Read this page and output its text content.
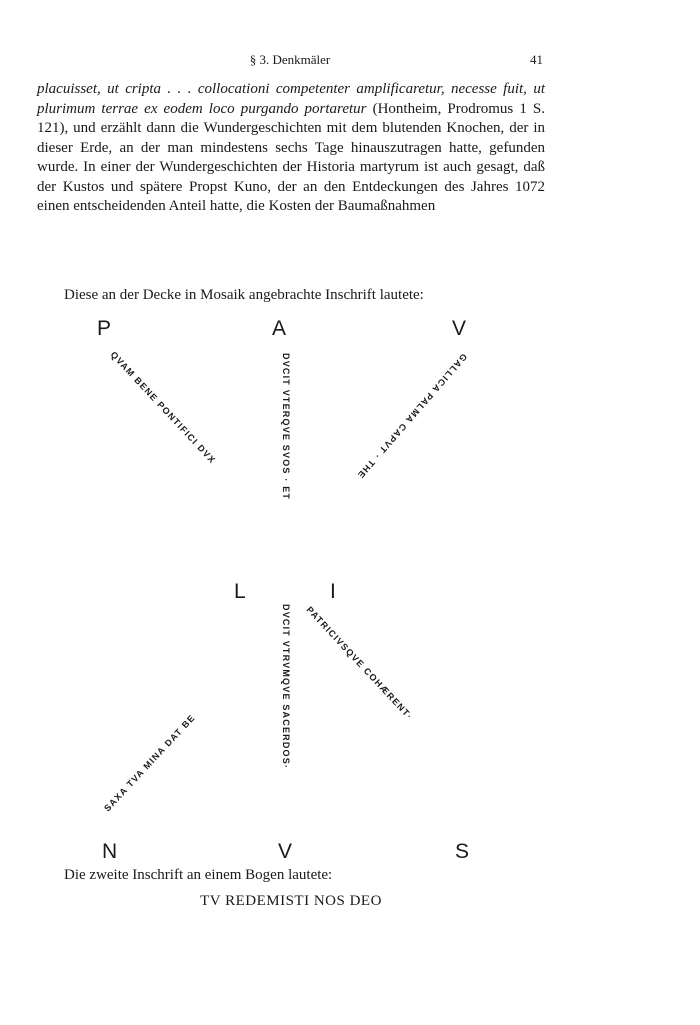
§ 3. Denkmäler	41

placuisset, ut cripta . . . collocationi competenter amplificaretur, necesse fuit, ut plurimum terrae ex eodem loco purgando portaretur (Hontheim, Prodromus 1 S. 121), und erzählt dann die Wundergeschichten mit dem blutenden Knochen, der in dieser Erde, an der man mindestens sechs Tage hinauszutragen hatte, gefunden wurde. In einer der Wundergeschichten der Historia martyrum ist auch gesagt, daß der Kustos und spätere Propst Kuno, der an den Entdeckungen des Jahres 1072 einen entscheidenden Anteil hatte, die Kosten der Baumaßnahmen

Diese an der Decke in Mosaik angebrachte Inschrift lautete:

P	A	V
L	I
N	V	S
QVAM BENE PONTIFICI DVX	DVCIT VTERQVE SVOS · ET	GALLICA PALMA CAPVT · THE
SAXA TVA MINA DAT BE	DVCIT VTRVMQVE SACERDOS· PATRICIVSQVE COHÆRENT·

Die zweite Inschrift an einem Bogen lautete:

TV REDEMISTI NOS DEO
